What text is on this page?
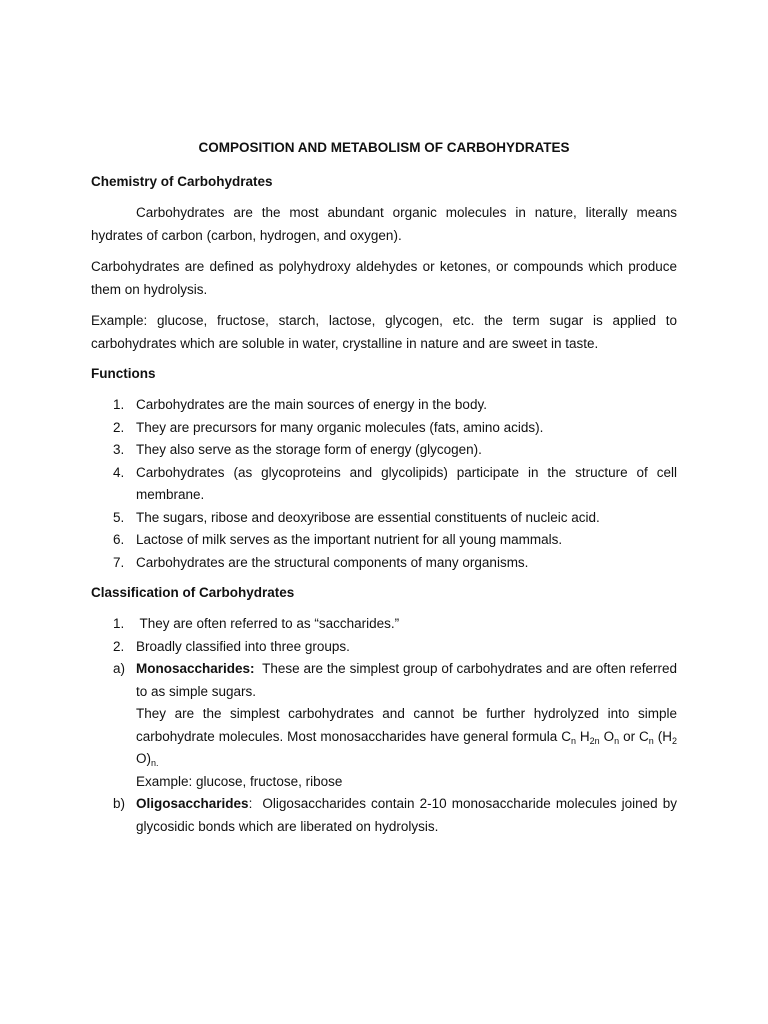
COMPOSITION AND METABOLISM OF CARBOHYDRATES
Chemistry of Carbohydrates

Carbohydrates are the most abundant organic molecules in nature, literally means hydrates of carbon (carbon, hydrogen, and oxygen).

Carbohydrates are defined as polyhydroxy aldehydes or ketones, or compounds which produce them on hydrolysis.

Example: glucose, fructose, starch, lactose, glycogen, etc. the term sugar is applied to carbohydrates which are soluble in water, crystalline in nature and are sweet in taste.

Functions
1. Carbohydrates are the main sources of energy in the body.
2. They are precursors for many organic molecules (fats, amino acids).
3. They also serve as the storage form of energy (glycogen).
4. Carbohydrates (as glycoproteins and glycolipids) participate in the structure of cell membrane.
5. The sugars, ribose and deoxyribose are essential constituents of nucleic acid.
6. Lactose of milk serves as the important nutrient for all young mammals.
7. Carbohydrates are the structural components of many organisms.
Classification of Carbohydrates
1. They are often referred to as “saccharides.”
2. Broadly classified into three groups.
a) Monosaccharides:  These are the simplest group of carbohydrates and are often referred to as simple sugars.

They are the simplest carbohydrates and cannot be further hydrolyzed into simple carbohydrate molecules. Most monosaccharides have general formula $C_n$ $H_{2n}$ $O_n$ or $C_n$ ($H_2$ $O)_{n.}$

Example: glucose, fructose, ribose

b) Oligosaccharides:  Oligosaccharides contain 2-10 monosaccharide molecules joined by glycosidic bonds which are liberated on hydrolysis.
